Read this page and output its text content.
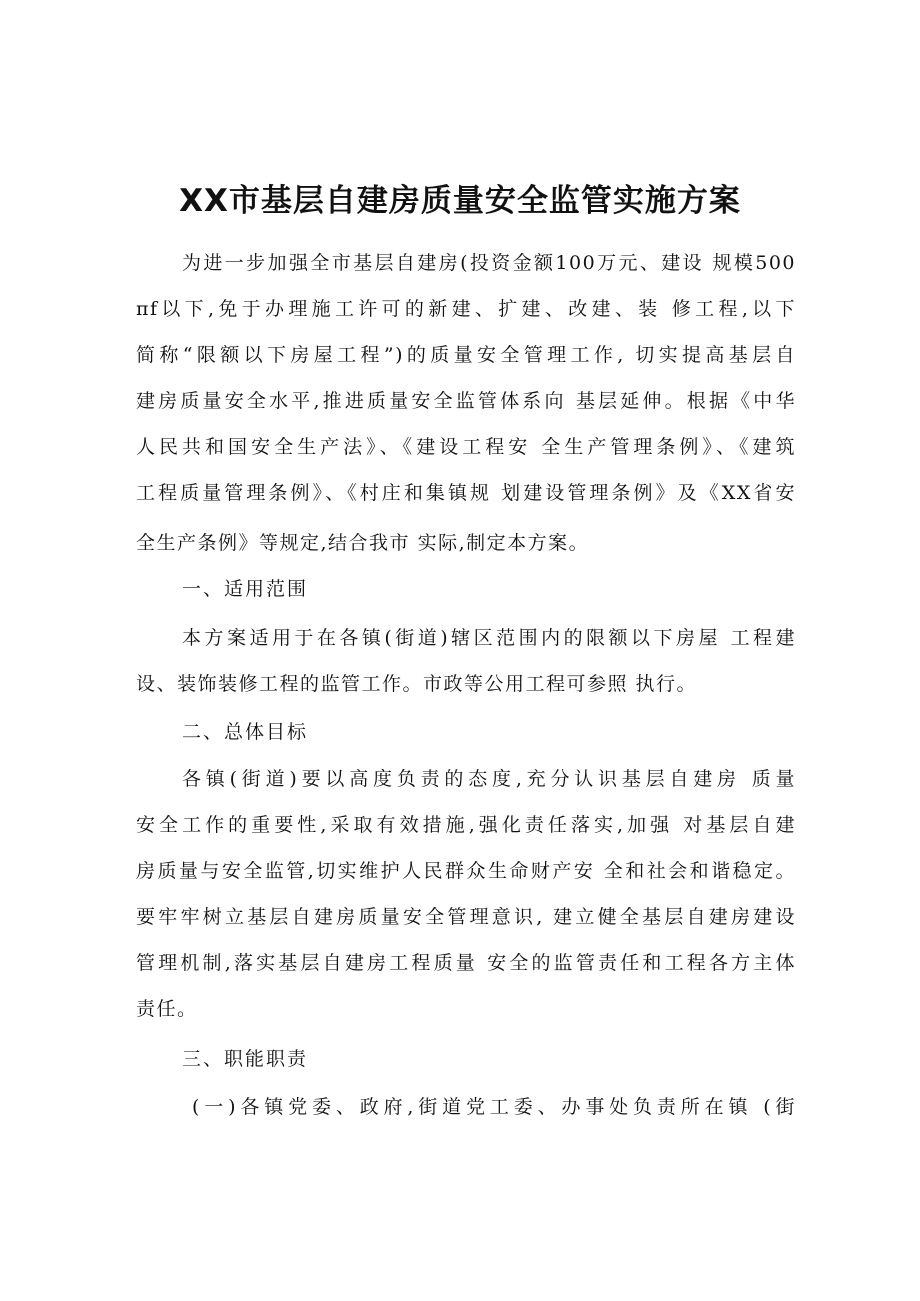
XX市基层自建房质量安全监管实施方案

为进一步加强全市基层自建房(投资金额100万元、建设 规模500

πf以下,免于办理施工许可的新建、扩建、改建、装 修工程,以下

简称“限额以下房屋工程”)的质量安全管理工作, 切实提高基层自

建房质量安全水平,推进质量安全监管体系向 基层延伸。根据《中华

人民共和国安全生产法》、《建设工程安 全生产管理条例》、《建筑

工程质量管理条例》、《村庄和集镇规 划建设管理条例》及《XX省安

全生产条例》等规定,结合我市 实际,制定本方案。

一、适用范围

本方案适用于在各镇(街道)辖区范围内的限额以下房屋 工程建

设、装饰装修工程的监管工作。市政等公用工程可参照 执行。

二、总体目标

各镇(街道)要以高度负责的态度,充分认识基层自建房 质量

安全工作的重要性,采取有效措施,强化责任落实,加强 对基层自建

房质量与安全监管,切实维护人民群众生命财产安 全和社会和谐稳定。

要牢牢树立基层自建房质量安全管理意识, 建立健全基层自建房建设

管理机制,落实基层自建房工程质量 安全的监管责任和工程各方主体

责任。

三、职能职责

(一)各镇党委、政府,街道党工委、办事处负责所在镇 (街
